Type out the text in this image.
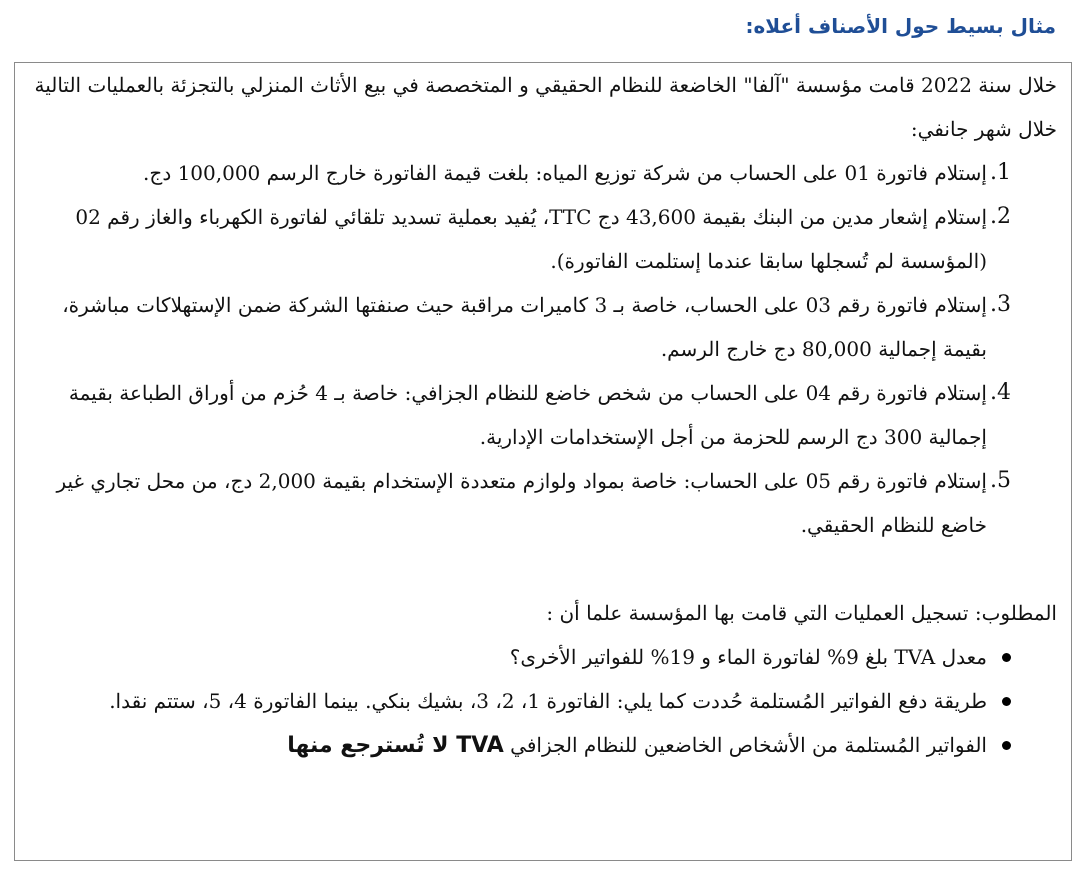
مثال بسيط حول الأصناف أعلاه:

خلال سنة 2022 قامت مؤسسة "آلفا" الخاضعة للنظام الحقيقي و المتخصصة في بيع الأثاث المنزلي بالتجزئة بالعمليات التالية خلال شهر جانفي:

1.
إستلام فاتورة 01 على الحساب من شركة توزيع المياه: بلغت قيمة الفاتورة خارج الرسم 100,000 دج.
2.
إستلام إشعار مدين من البنك بقيمة 43,600 دج TTC، يُفيد بعملية تسديد تلقائي لفاتورة الكهرباء والغاز رقم 02 (المؤسسة لم تُسجلها سابقا عندما إستلمت الفاتورة).
3.
إستلام فاتورة رقم 03 على الحساب، خاصة بـ 3 كاميرات مراقبة حيث صنفتها الشركة ضمن الإستهلاكات مباشرة، بقيمة إجمالية 80,000 دج خارج الرسم.
4.
إستلام فاتورة رقم 04 على الحساب من شخص خاضع للنظام الجزافي: خاصة بـ 4 حُزم من أوراق الطباعة بقيمة إجمالية 300 دج الرسم للحزمة من أجل الإستخدامات الإدارية.
5.
إستلام فاتورة رقم 05 على الحساب: خاصة بمواد ولوازم متعددة الإستخدام بقيمة 2,000 دج، من محل تجاري غير خاضع للنظام الحقيقي.

المطلوب: تسجيل العمليات التي قامت بها المؤسسة علما أن :

معدل TVA بلغ 9% لفاتورة الماء و 19% للفواتير الأخرى؟
طريقة دفع الفواتير المُستلمة حُددت كما يلي: الفاتورة 1، 2، 3، بشيك بنكي. بينما الفاتورة 4، 5، ستتم نقدا.
الفواتير المُستلمة من الأشخاص الخاضعين للنظام الجزافي TVA لا تُسترجع منها
